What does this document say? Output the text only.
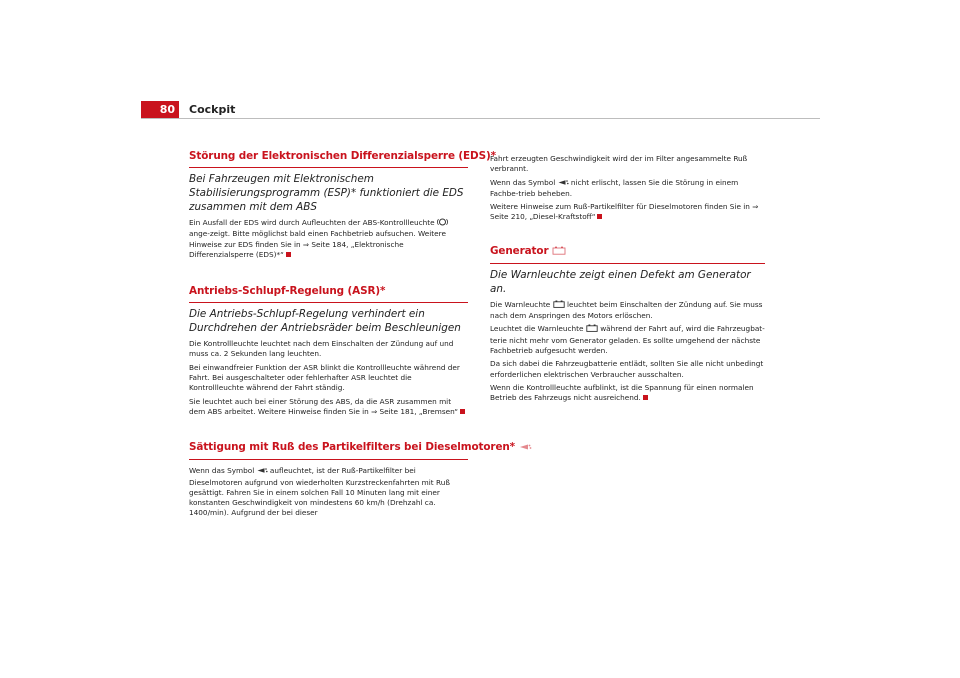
80	Cockpit
Störung der Elektronischen Differenzialsperre (EDS)*
Bei Fahrzeugen mit Elektronischem Stabilisierungsprogramm (ESP)* funktioniert die EDS zusammen mit dem ABS

Ein Ausfall der EDS wird durch Aufleuchten der ABS-Kontrollleuchte  ange-zeigt. Bitte möglichst bald einen Fachbetrieb aufsuchen. Weitere Hinweise zur EDS finden Sie in ⇒ Seite 184, „Elektronische Differenzialsperre (EDS)*“

Antriebs-Schlupf-Regelung (ASR)*
Die Antriebs-Schlupf-Regelung verhindert ein Durchdrehen der Antriebsräder beim Beschleunigen

Die Kontrollleuchte leuchtet nach dem Einschalten der Zündung auf und muss ca. 2 Sekunden lang leuchten.

Bei einwandfreier Funktion der ASR blinkt die Kontrollleuchte während der Fahrt. Bei ausgeschalteter oder fehlerhafter ASR leuchtet die Kontrollleuchte während der Fahrt ständig.

Sie leuchtet auch bei einer Störung des ABS, da die ASR zusammen mit dem ABS arbeitet. Weitere Hinweise finden Sie in ⇒ Seite 181, „Bremsen“

Sättigung mit Ruß des Partikelfilters bei Dieselmotoren*

Wenn das Symbol aufleuchtet, ist der Ruß-Partikelfilter bei Dieselmotoren aufgrund von wiederholten Kurzstreckenfahrten mit Ruß gesättigt. Fahren Sie in einem solchen Fall 10 Minuten lang mit einer konstanten Geschwindigkeit von mindestens 60 km/h (Drehzahl ca. 1400/min). Aufgrund der bei dieser

Fahrt erzeugten Geschwindigkeit wird der im Filter angesammelte Ruß verbrannt.

Wenn das Symbol nicht erlischt, lassen Sie die Störung in einem Fachbe-trieb beheben.

Weitere Hinweise zum Ruß-Partikelfilter für Dieselmotoren finden Sie in ⇒ Seite 210, „Diesel-Kraftstoff“

Generator
Die Warnleuchte zeigt einen Defekt am Generator an.

Die Warnleuchte leuchtet beim Einschalten der Zündung auf. Sie muss nach dem Anspringen des Motors erlöschen.

Leuchtet die Warnleuchte während der Fahrt auf, wird die Fahrzeugbat-terie nicht mehr vom Generator geladen. Es sollte umgehend der nächste Fachbetrieb aufgesucht werden.

Da sich dabei die Fahrzeugbatterie entlädt, sollten Sie alle nicht unbedingt erforderlichen elektrischen Verbraucher ausschalten.

Wenn die Kontrollleuchte aufblinkt, ist die Spannung für einen normalen Betrieb des Fahrzeugs nicht ausreichend.
